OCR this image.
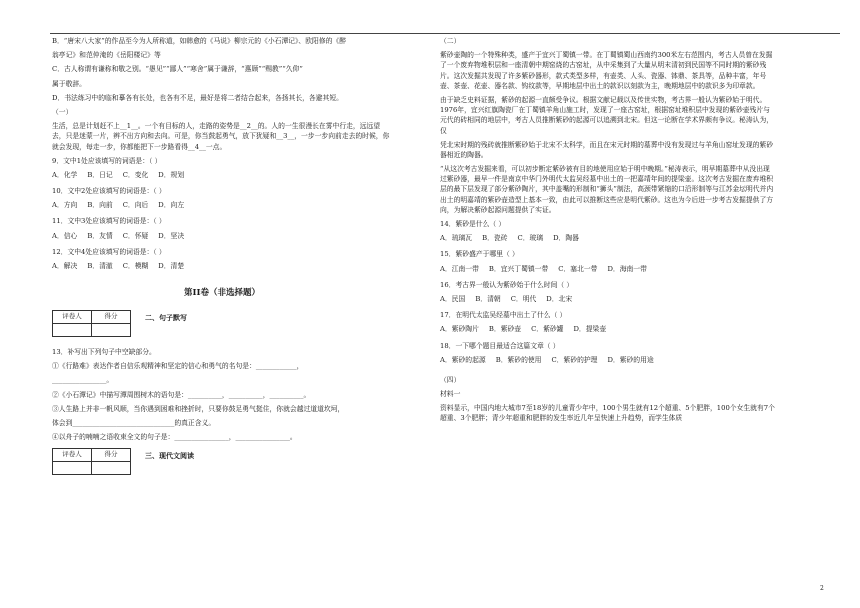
B．“唐宋八大家”的作品至今为人所称道，如韩愈的《马说》柳宗元的《小石潭记》、欧阳修的《醉

翁亭记》和范仲淹的《岳阳楼记》等

C．古人称谓有谦称和敬之别。“愚见”“鄙人”“寒舍”属于谦辞，“惠顾”“赐教”“久仰”

属于敬辞。

D．书法练习中的临和摹各有长处，也各有不足，最好是将二者结合起来，各扬其长，各避其短。

（一）

生活，总是计划赶不上__1__。一个有目标的人，走路的姿势是__2__的。人的一生很漫长在雾中行走，远远望去，只是迷蒙一片，辨不出方向和去向。可是，你当鼓起勇气，放下犹疑和__3__，一步一步向前走去的时候，你就会发现，每走一步，你都能把下一步路看得__4__一点。

9．文中1处应该填写的词语是：（ ）

A．化学 B．日记 C．变化 D．规划

10．文中2处应该填写的词语是：（ ）

A．方向 B．向前 C．向后 D．向左

11．文中3处应该填写的词语是：（ ）

A．信心 B．友情 C．怀疑 D．坚决

12．文中4处应该填写的词语是：（ ）

A．解决 B．清澈 C．模糊 D．清楚
第II卷（非选择题）
评卷人	得分
		二、句子默写

13．补写出下列句子中空缺部分。

①《行路难》表达作者自信乐观精神和坚定的信心和勇气的名句是：____________，

________________。

②《小石潭记》中描写潭周围树木的语句是：__________，__________，__________。

③人生路上并非一帆风顺，当你遇到困难和挫折时，只要你鼓足勇气挺住，你就会越过道道坎坷，

体会到______________________________的真正含义。

④以舟子的喃喃之语收束全文的句子是：________________，________________。

评卷人	得分
		三、现代文阅读

（二）

紫砂壶陶的一个特殊种类，盛产于宜兴丁蜀镇一带。在丁蜀镇蜀山西南约300米左右范围内，考古人员曾在发掘了一个废弃物堆积层和一座清朝中期窑烧的古窑址，从中采集到了大量从明末清初到民国等不同时期的紫砂残片。这次发掘共发现了许多紫砂器形，款式类型多样，有壶类、人头、瓷器、钵鼎、茶具等，品种丰富，年号壶、茶壶、花壶、器名款、钩纹款等，早期地层中出土的款识以刻款为主，晚期地层中的款识多为印章款。

由于缺乏史料证据，紫砂的起源一直颇受争议。根据文献记载以及传世实物，考古界一般认为紫砂始于明代。1976年，宜兴红旗陶瓷厂在丁蜀镇羊角山施工时，发现了一座古窑址，根据窑址堆积层中发现的紫砂壶残片与元代的砖相同的地层中，考古人员推断紫砂的起源可以追溯到北宋。但这一论断在学术界颇有争议。秘涛认为，仅

凭北宋时期的残砖就推断紫砂始于北宋不太科学，而且在宋元时期的墓葬中没有发现过与羊角山窑址发现的紫砂器相近的陶器。

“从这次考古发掘来看，可以初步断定紫砂被有目的地使用应始于明中晚期。”秘涛表示，明早期墓葬中从没出现过紫砂器，最早一件是南京中华门外明代太监吴经墓中出土的一把嘉靖年间的提梁壶。这次考古发掘在废弃堆积层的最下层发现了部分紫砂陶片，其中盖嘴的形制和“狮头”制法，高颈带紧缩的口沿形制等与江苏金坛明代并内出土的明嘉靖的紫砂壶造型上基本一致，由此可以推断这些应是明代紫砂。这也为今后进一步考古发掘提供了方向，为解决紫砂起源问题提供了实证。

14．紫砂是什么（ ）

A．琉璃瓦 B．瓷砖 C．玻璃 D．陶器

15．紫砂盛产于哪里（ ）

A．江南一带 B．宜兴丁蜀镇一带 C．塞北一带 D．海南一带

16．考古界一般认为紫砂始于什么时间（ ）

A．民国 B．清朝 C．明代 D．北宋

17．在明代太监吴经墓中出土了什么（ ）

A．紫砂陶片 B．紫砂壶 C．紫砂罐 D．提梁壶

18．一下哪个题目最适合这篇文章（ ）

A．紫砂的起源 B．紫砂的使用 C．紫砂的护理 D．紫砂的用途

（四）

材料一

资料显示，中国内地大城市7至18岁的儿童青少年中，100个男生就有12个超重、5个肥胖，100个女生就有7个超重、3个肥胖；青少年超重和肥胖的发生率近几年呈快速上升趋势，而学生体质

2
